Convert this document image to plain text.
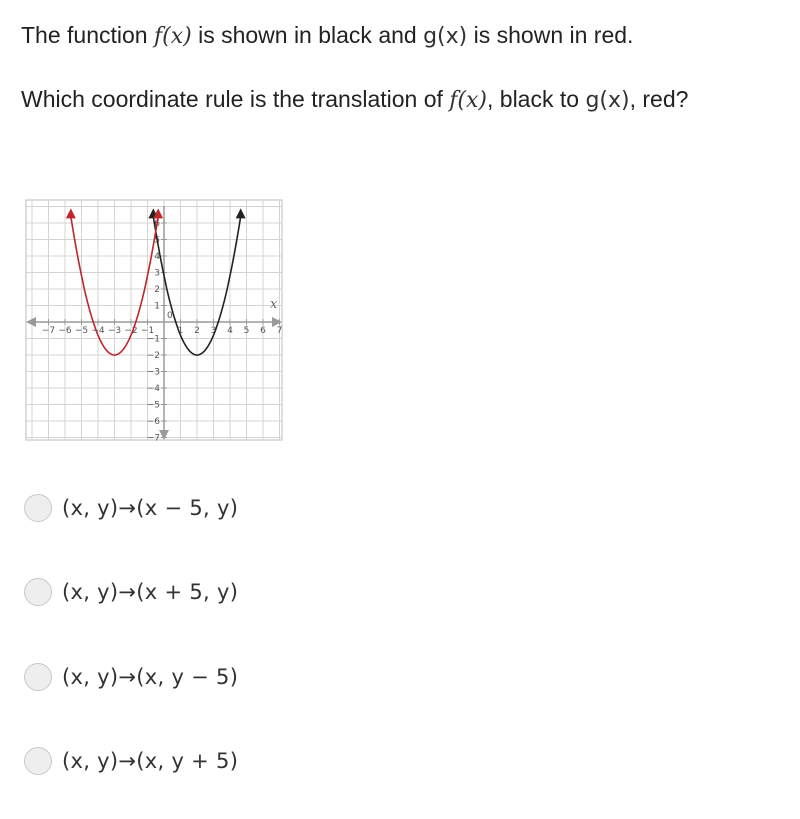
The function f(x) is shown in black and g(x) is shown in red.
Which coordinate rule is the translation of f(x), black to g(x), red?
−7 −6 −5 −4 −3 −2 −1	1 2 3 4 5 6 7
−7
−6
−5
−4
−3
−2
−1
1
2
3
4
5
6
x
0
(x, y)→(x − 5, y)
(x, y)→(x + 5, y)
(x, y)→(x, y − 5)
(x, y)→(x, y + 5)
